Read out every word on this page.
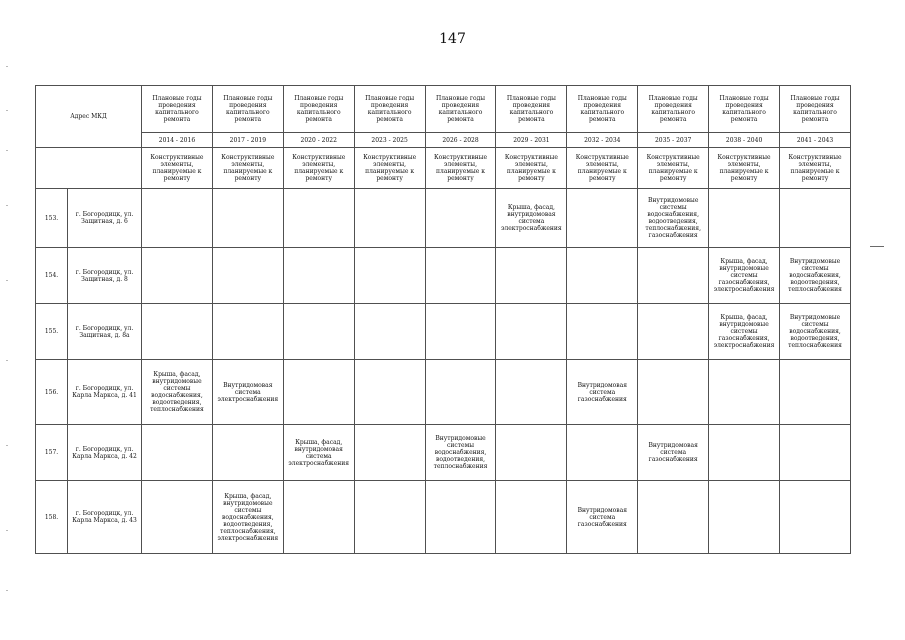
147
Адрес МКД		Плановые годы проведения капитального ремонта	Плановые годы проведения капитального ремонта	Плановые годы проведения капитального ремонта	Плановые годы проведения капитального ремонта	Плановые годы проведения капитального ремонта	Плановые годы проведения капитального ремонта	Плановые годы проведения капитального ремонта	Плановые годы проведения капитального ремонта	Плановые годы проведения капитального ремонта	Плановые годы проведения капитального ремонта
		2014 - 2016	2017 - 2019	2020 - 2022	2023 - 2025	2026 - 2028	2029 - 2031	2032 - 2034	2035 - 2037	2038 - 2040	2041 - 2043
		Конструктивные элементы, планируемые к ремонту	Конструктивные элементы, планируемые к ремонту	Конструктивные элементы, планируемые к ремонту	Конструктивные элементы, планируемые к ремонту	Конструктивные элементы, планируемые к ремонту	Конструктивные элементы, планируемые к ремонту	Конструктивные элементы, планируемые к ремонту	Конструктивные элементы, планируемые к ремонту	Конструктивные элементы, планируемые к ремонту	Конструктивные элементы, планируемые к ремонту
153.	г. Богородицк, ул. Защитная, д. 6						Крыша, фасад, внутридомовая система электроснабжения		Внутридомовые системы водоснабжения, водоотведения, теплоснабжения, газоснабжения		
154.	г. Богородицк, ул. Защитная, д. 8									Крыша, фасад, внутридомовые системы газоснабжения, электроснабжения	Внутридомовые системы водоснабжения, водоотведения, теплоснабжения
155.	г. Богородицк, ул. Защитная, д. 8а									Крыша, фасад, внутридомовые системы газоснабжения, электроснабжения	Внутридомовые системы водоснабжения, водоотведения, теплоснабжения
156.	г. Богородицк, ул. Карла Маркса, д. 41	Крыша, фасад, внутридомовые системы водоснабжения, водоотведения, теплоснабжения	Внутридомовая система электроснабжения					Внутридомовая система газоснабжения			
157.	г. Богородицк, ул. Карла Маркса, д. 42			Крыша, фасад, внутридомовая система электроснабжения		Внутридомовые системы водоснабжения, водоотведения, теплоснабжения			Внутридомовая система газоснабжения		
158.	г. Богородицк, ул. Карла Маркса, д. 43		Крыша, фасад, внутридомовые системы водоснабжения, водоотведения, теплоснабжения, электроснабжения					Внутридомовая система газоснабжения			
